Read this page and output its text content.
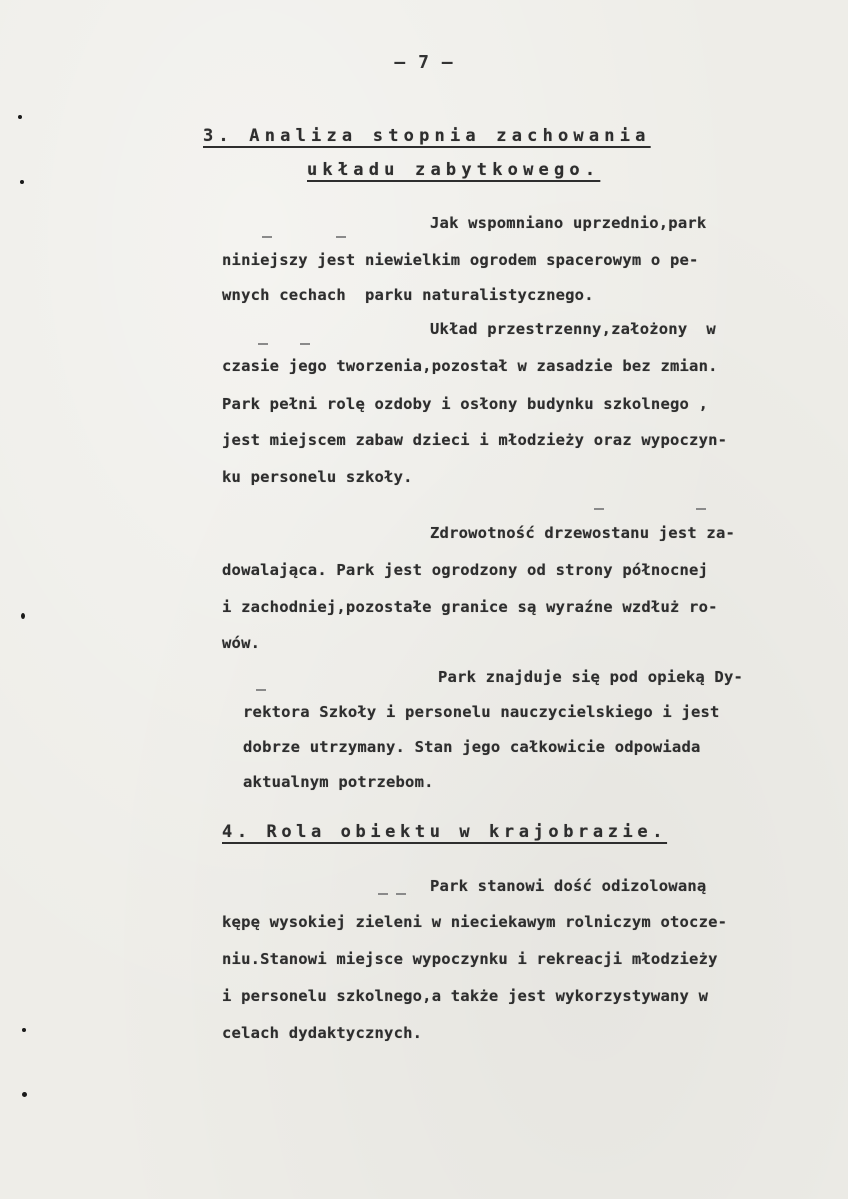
— 7 —
3. Analiza stopnia zachowania
układu zabytkowego.
Jak wspomniano uprzednio,park
niniejszy jest niewielkim ogrodem spacerowym o pe-
wnych cechach  parku naturalistycznego.
Układ przestrzenny,założony  w
czasie jego tworzenia,pozostał w zasadzie bez zmian.
Park pełni rolę ozdoby i osłony budynku szkolnego ,
jest miejscem zabaw dzieci i młodzieży oraz wypoczyn-
ku personelu szkoły.
Zdrowotność drzewostanu jest za-
dowalająca. Park jest ogrodzony od strony północnej
i zachodniej,pozostałe granice są wyraźne wzdłuż ro-
wów.
Park znajduje się pod opieką Dy-
rektora Szkoły i personelu nauczycielskiego i jest
dobrze utrzymany. Stan jego całkowicie odpowiada
aktualnym potrzebom.
4. Rola obiektu w krajobrazie.
Park stanowi dość odizolowaną
kępę wysokiej zieleni w nieciekawym rolniczym otocze-
niu.Stanowi miejsce wypoczynku i rekreacji młodzieży
i personelu szkolnego,a także jest wykorzystywany w
celach dydaktycznych.
